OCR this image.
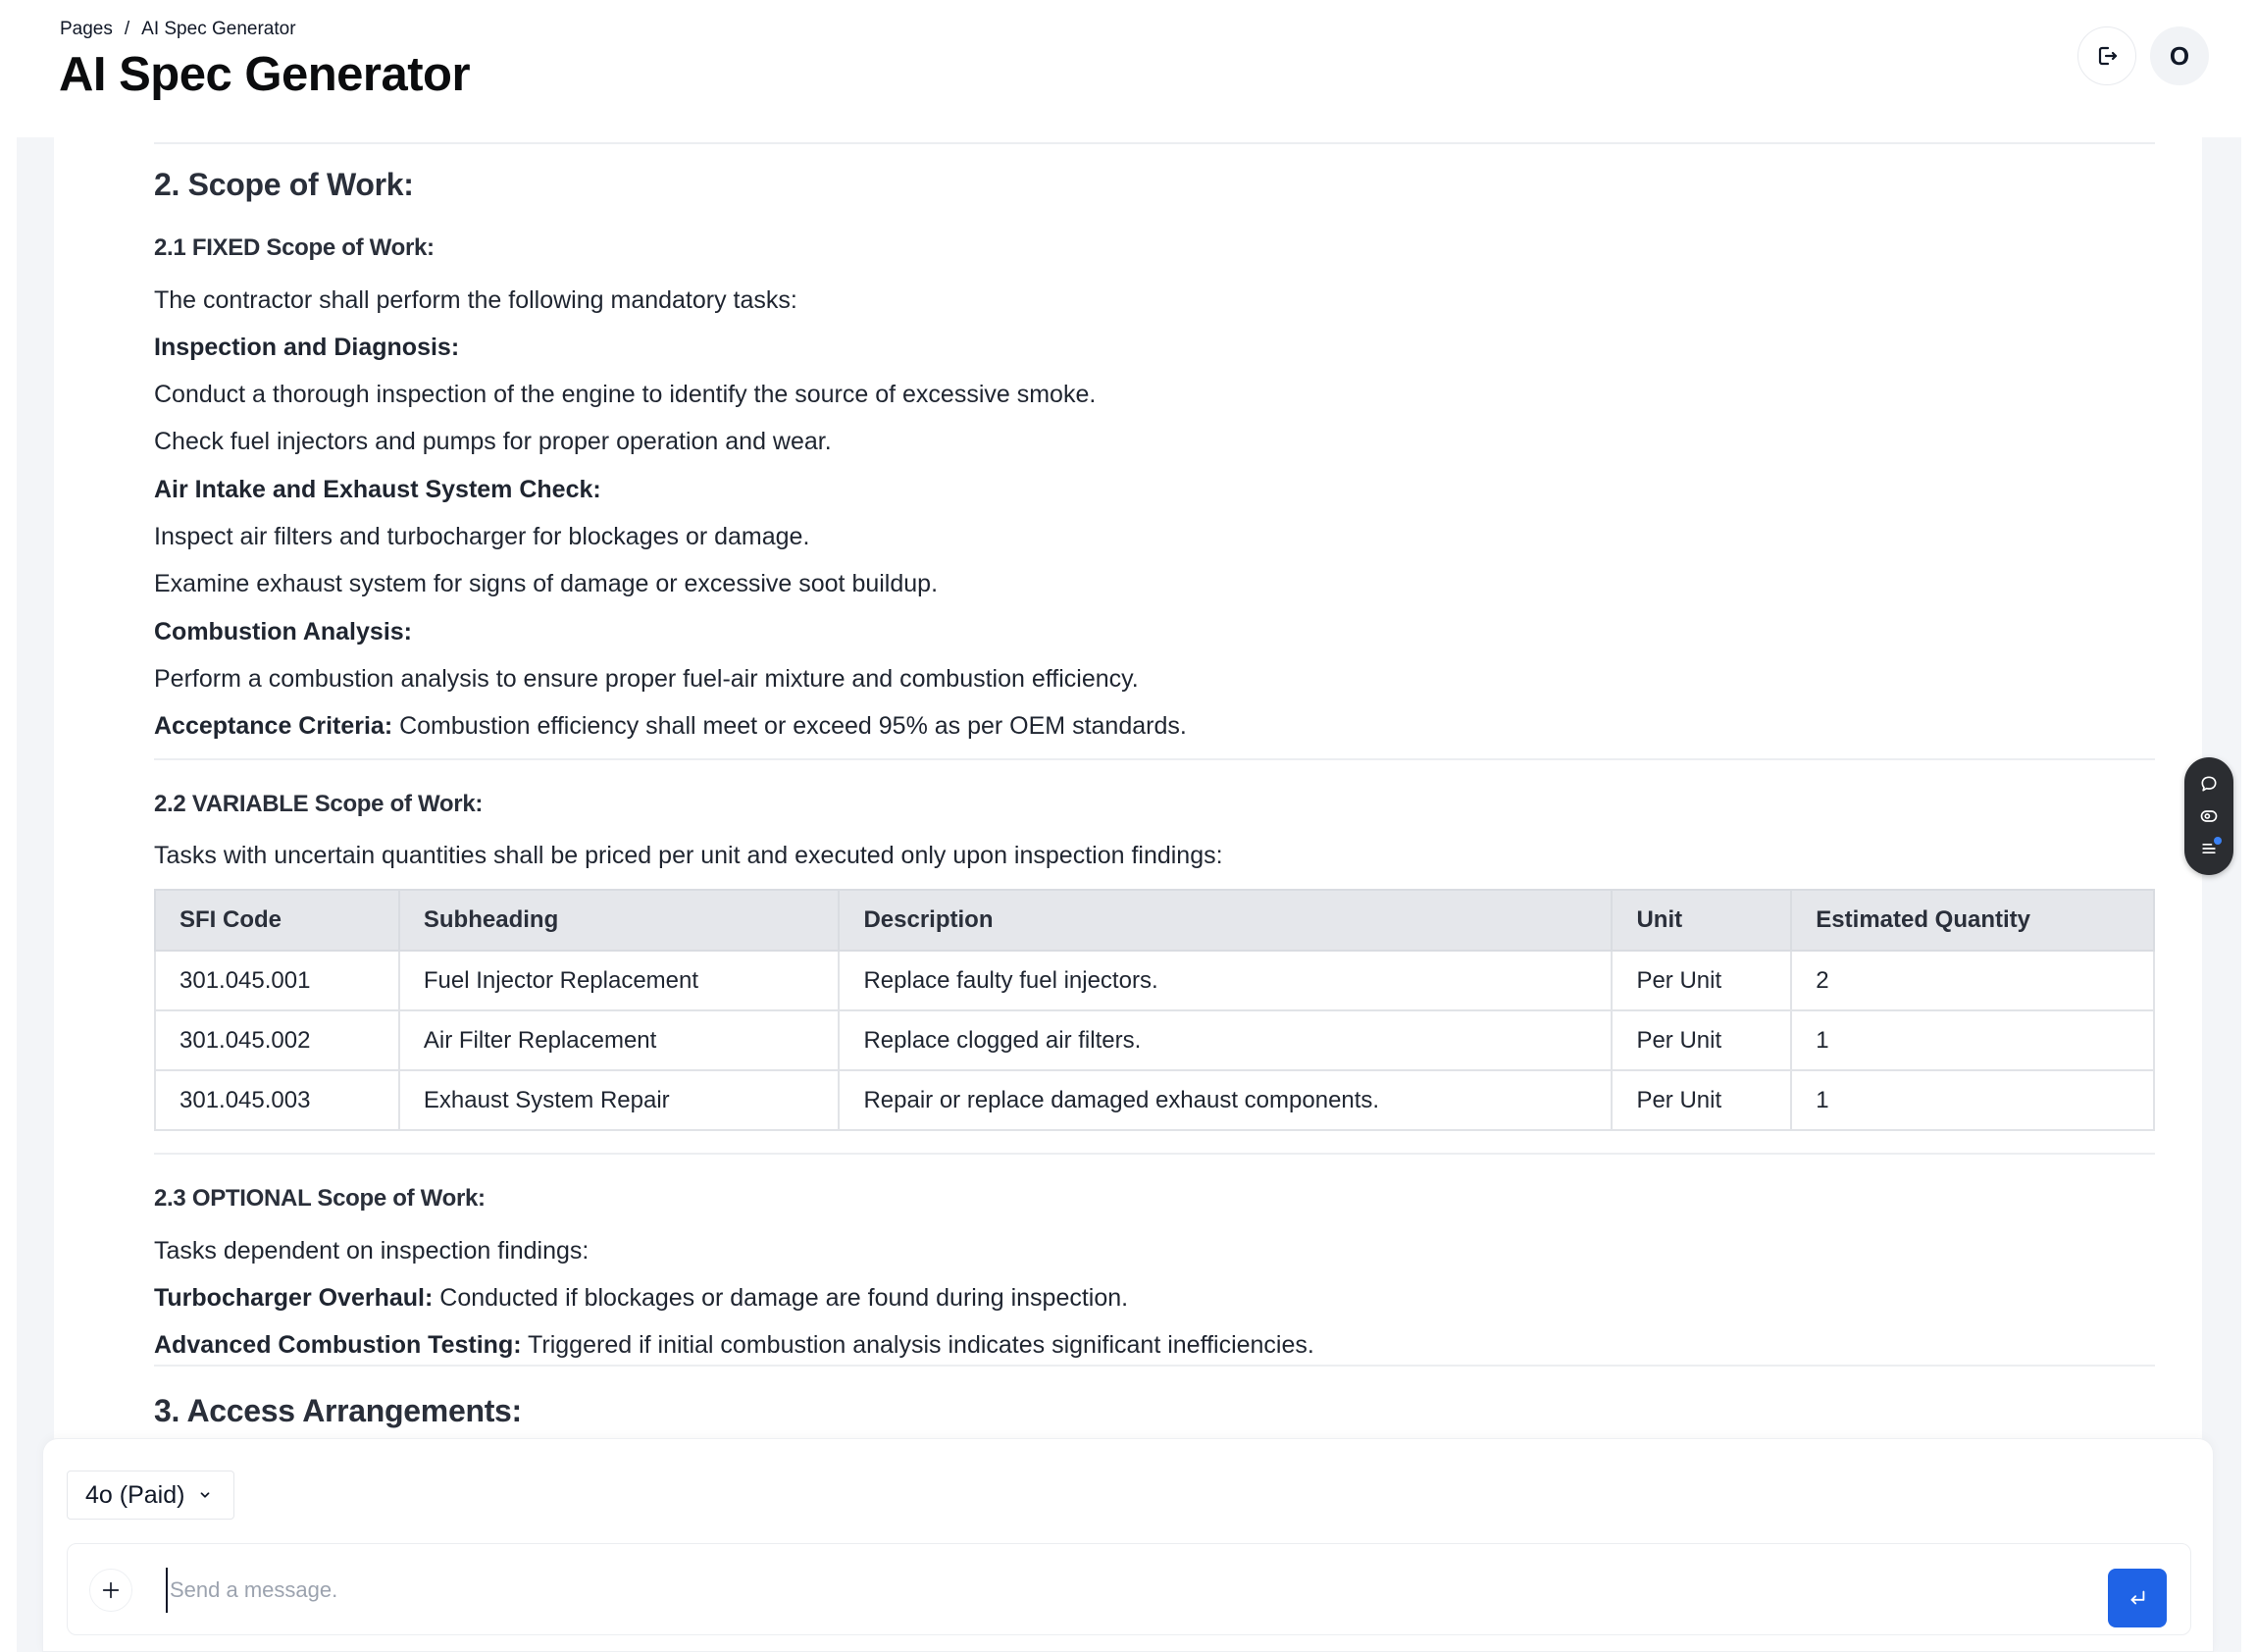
Pages / AI Spec Generator
AI Spec Generator	O
2. Scope of Work:
2.1 FIXED Scope of Work:

The contractor shall perform the following mandatory tasks:

Inspection and Diagnosis:

Conduct a thorough inspection of the engine to identify the source of excessive smoke.

Check fuel injectors and pumps for proper operation and wear.

Air Intake and Exhaust System Check:

Inspect air filters and turbocharger for blockages or damage.

Examine exhaust system for signs of damage or excessive soot buildup.

Combustion Analysis:

Perform a combustion analysis to ensure proper fuel-air mixture and combustion efficiency.

Acceptance Criteria: Combustion efficiency shall meet or exceed 95% as per OEM standards.

2.2 VARIABLE Scope of Work:

Tasks with uncertain quantities shall be priced per unit and executed only upon inspection findings:

SFI Code	Subheading	Description	Unit	Estimated Quantity
301.045.001	Fuel Injector Replacement	Replace faulty fuel injectors.	Per Unit	2
301.045.002	Air Filter Replacement	Replace clogged air filters.	Per Unit	1
301.045.003	Exhaust System Repair	Repair or replace damaged exhaust components.	Per Unit	1
2.3 OPTIONAL Scope of Work:

Tasks dependent on inspection findings:

Turbocharger Overhaul: Conducted if blockages or damage are found during inspection.

Advanced Combustion Testing: Triggered if initial combustion analysis indicates significant inefficiencies.

3. Access Arrangements:
4o (Paid)
Send a message.
